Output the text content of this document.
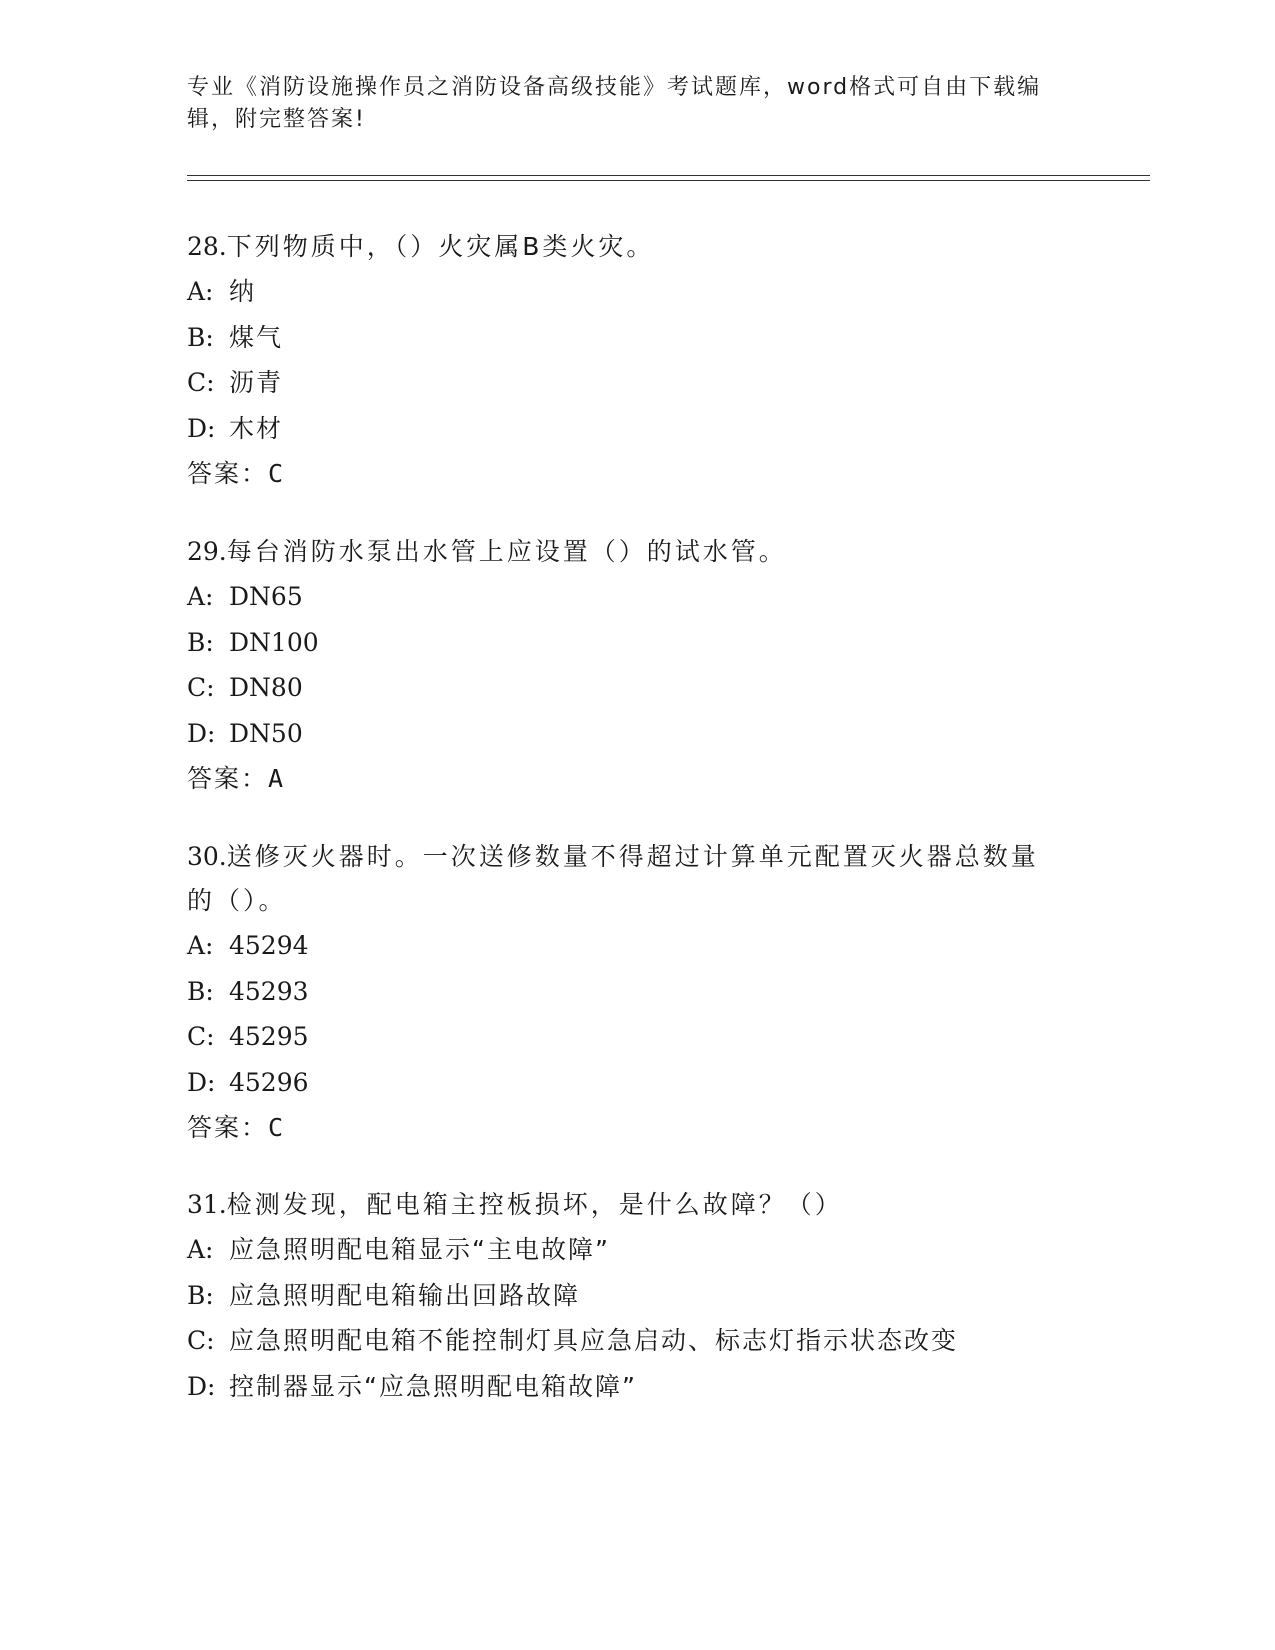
专业《消防设施操作员之消防设备高级技能》考试题库，word格式可自由下载编
辑，附完整答案!
28.下列物质中，（）火灾属B类火灾。
A: 纳
B: 煤气
C: 沥青
D: 木材
答案：C
29.每台消防水泵出水管上应设置（）的试水管。
A: DN65
B: DN100
C: DN80
D: DN50
答案：A
30.送修灭火器时。一次送修数量不得超过计算单元配置灭火器总数量
的（）。
A: 45294
B: 45293
C: 45295
D: 45296
答案：C
31.检测发现，配电箱主控板损坏，是什么故障？（）
A: 应急照明配电箱显示“主电故障”
B: 应急照明配电箱输出回路故障
C: 应急照明配电箱不能控制灯具应急启动、标志灯指示状态改变
D: 控制器显示“应急照明配电箱故障”
